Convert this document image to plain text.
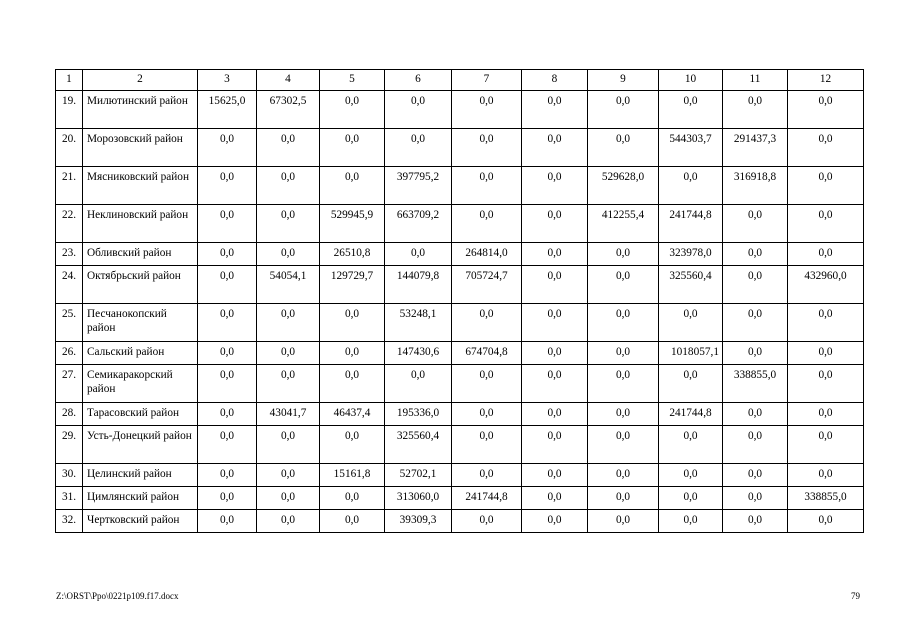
1	2	3	4	5	6	7	8	9	10	11	12
19.	Милютинский район	15625,0	67302,5	0,0	0,0	0,0	0,0	0,0	0,0	0,0	0,0
20.	Морозовский район	0,0	0,0	0,0	0,0	0,0	0,0	0,0	544303,7	291437,3	0,0
21.	Мясниковский район	0,0	0,0	0,0	397795,2	0,0	0,0	529628,0	0,0	316918,8	0,0
22.	Неклиновский район	0,0	0,0	529945,9	663709,2	0,0	0,0	412255,4	241744,8	0,0	0,0
23.	Обливский район	0,0	0,0	26510,8	0,0	264814,0	0,0	0,0	323978,0	0,0	0,0
24.	Октябрьский район	0,0	54054,1	129729,7	144079,8	705724,7	0,0	0,0	325560,4	0,0	432960,0
25.	Песчанокопский район	0,0	0,0	0,0	53248,1	0,0	0,0	0,0	0,0	0,0	0,0
26.	Сальский район	0,0	0,0	0,0	147430,6	674704,8	0,0	0,0	1018057,1	0,0	0,0
27.	Семикаракорский район	0,0	0,0	0,0	0,0	0,0	0,0	0,0	0,0	338855,0	0,0
28.	Тарасовский район	0,0	43041,7	46437,4	195336,0	0,0	0,0	0,0	241744,8	0,0	0,0
29.	Усть-Донецкий район	0,0	0,0	0,0	325560,4	0,0	0,0	0,0	0,0	0,0	0,0
30.	Целинский район	0,0	0,0	15161,8	52702,1	0,0	0,0	0,0	0,0	0,0	0,0
31.	Цимлянский район	0,0	0,0	0,0	313060,0	241744,8	0,0	0,0	0,0	0,0	338855,0
32.	Чертковский район	0,0	0,0	0,0	39309,3	0,0	0,0	0,0	0,0	0,0	0,0
Z:\ORST\Ppo\0221p109.f17.docx	79
